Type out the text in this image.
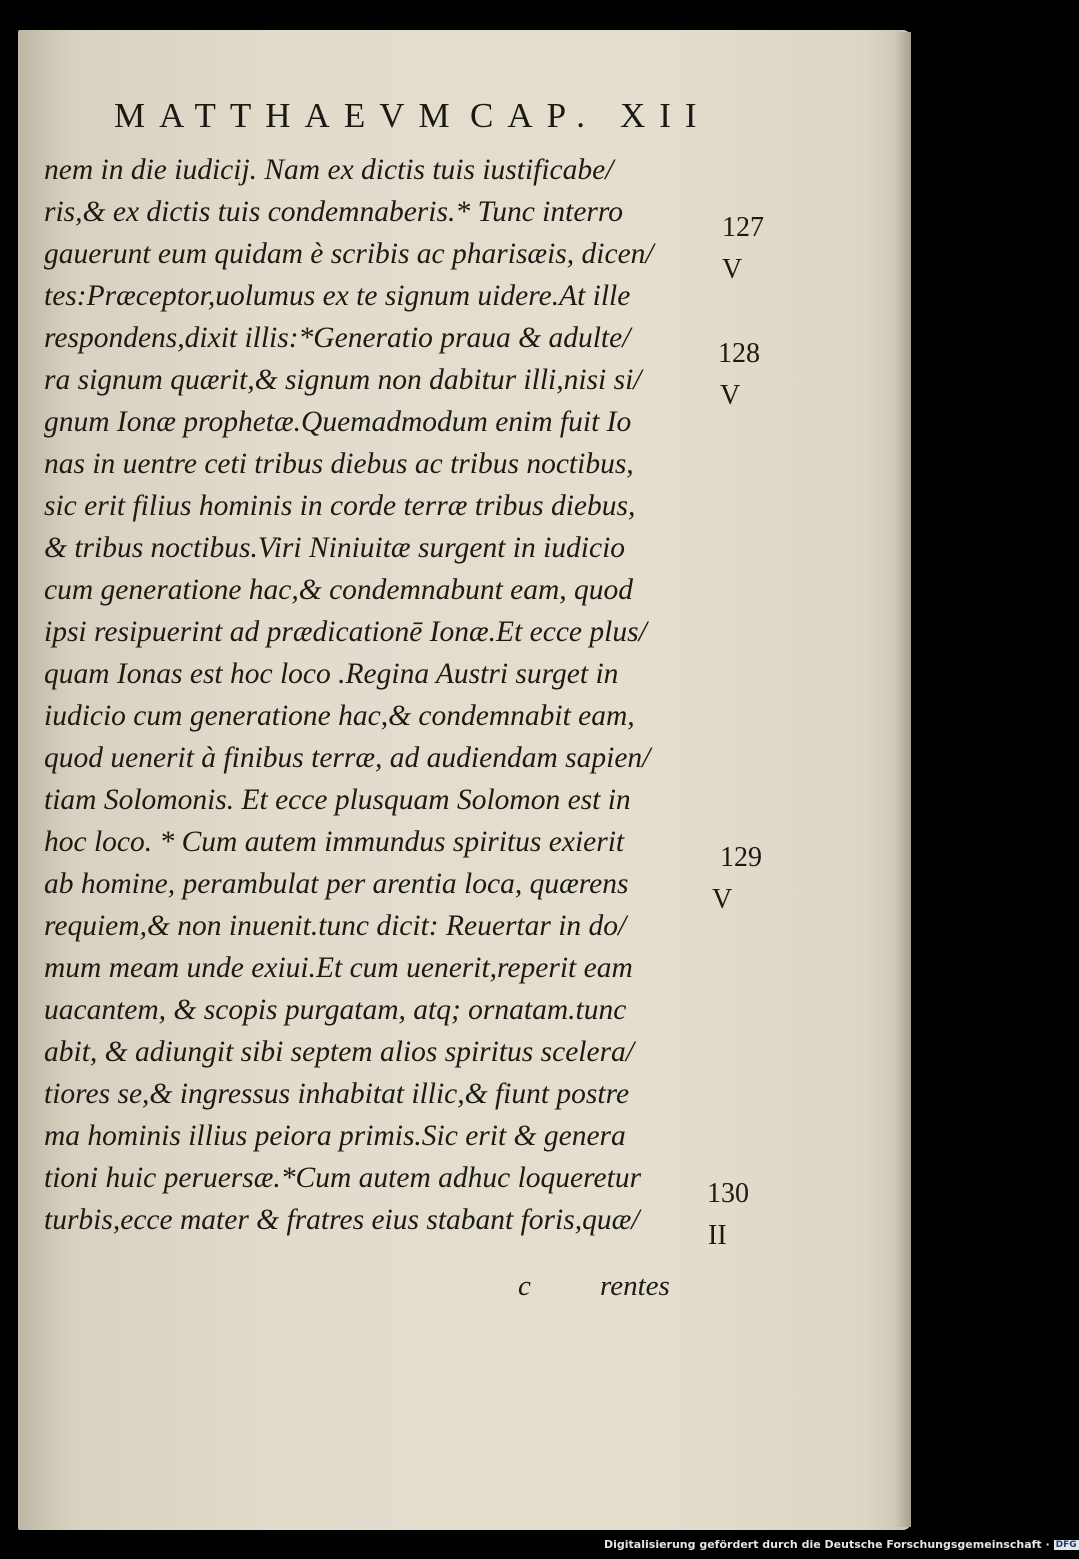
MATTHAEVM CAP. XII
nem in die iudicij. Nam ex dictis tuis iustificabe/
ris,& ex dictis tuis condemnaberis.* Tunc interro
gauerunt eum quidam è scribis ac pharisæis, dicen/
tes:Præceptor,uolumus ex te signum uidere.At ille
respondens,dixit illis:*Generatio praua & adulte/
ra signum quærit,& signum non dabitur illi,nisi si/
gnum Ionæ prophetæ.Quemadmodum enim fuit Io
nas in uentre ceti tribus diebus ac tribus noctibus,
sic erit filius hominis in corde terræ tribus diebus,
& tribus noctibus.Viri Niniuitæ surgent in iudicio
cum generatione hac,& condemnabunt eam, quod
ipsi resipuerint ad prædicationē Ionæ.Et ecce plus/
quam Ionas est hoc loco .Regina Austri surget in
iudicio cum generatione hac,& condemnabit eam,
quod uenerit à finibus terræ, ad audiendam sapien/
tiam Solomonis. Et ecce plusquam Solomon est in
hoc loco. * Cum autem immundus spiritus exierit
ab homine, perambulat per arentia loca, quærens
requiem,& non inuenit.tunc dicit: Reuertar in do/
mum meam unde exiui.Et cum uenerit,reperit eam
uacantem, & scopis purgatam, atq; ornatam.tunc
abit, & adiungit sibi septem alios spiritus scelera/
tiores se,& ingressus inhabitat illic,& fiunt postre
ma hominis illius peiora primis.Sic erit & genera
tioni huic peruersæ.*Cum autem adhuc loqueretur
turbis,ecce mater & fratres eius stabant foris,quæ/
127
V
128
V
129
V
130
II
c rentes
Digitalisierung gefördert durch die Deutsche Forschungsgemeinschaft · DFG
